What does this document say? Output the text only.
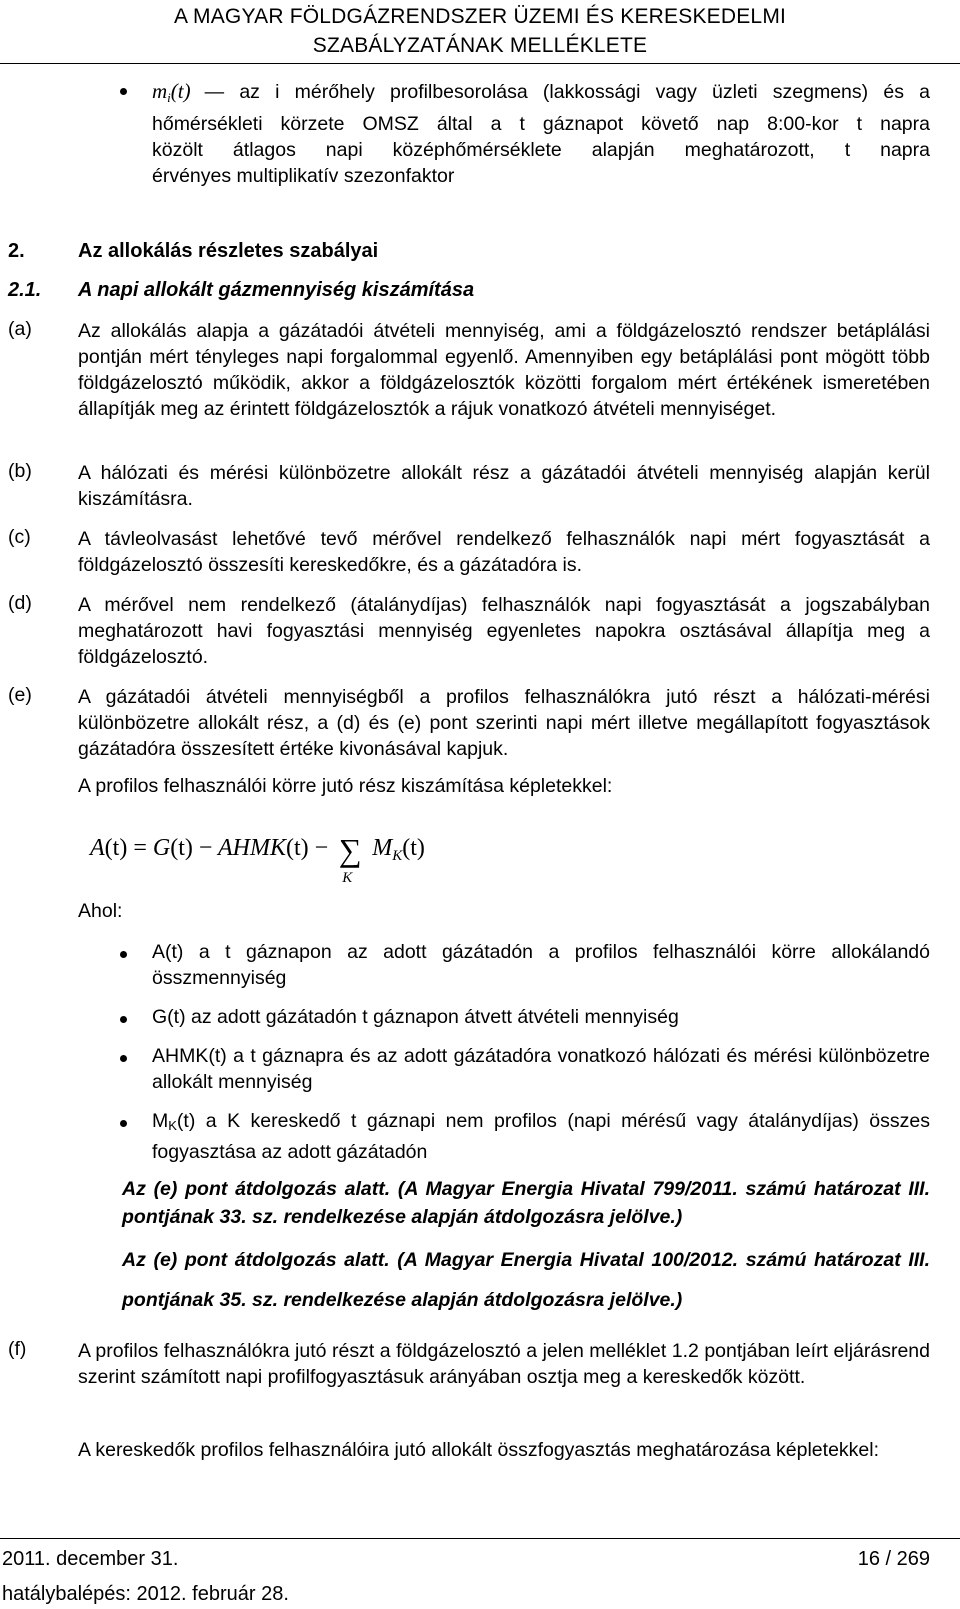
A MAGYAR FÖLDGÁZRENDSZER ÜZEMI ÉS KERESKEDELMI
SZABÁLYZATÁNAK MELLÉKLETE
$m_i(t)$ — az i mérőhely profilbesorolása (lakkossági vagy üzleti szegmens) és a
hőmérsékleti körzete OMSZ által a t gáznapot követő nap 8:00-kor t napra
közölt átlagos napi középhőmérséklete alapján meghatározott, t napra
érvényes multiplikatív szezonfaktor
2.	Az allokálás részletes szabályai
2.1. A napi allokált gázmennyiség kiszámítása
(a) Az allokálás alapja a gázátadói átvételi mennyiség, ami a földgázelosztó rendszer betáplálási pontján mért tényleges napi forgalommal egyenlő. Amennyiben egy betáplálási pont mögött több földgázelosztó működik, akkor a földgázelosztók közötti forgalom mért értékének ismeretében állapítják meg az érintett földgázelosztók a rájuk vonatkozó átvételi mennyiséget.
(b) A hálózati és mérési különbözetre allokált rész a gázátadói átvételi mennyiség alapján kerül kiszámításra.
(c) A távleolvasást lehetővé tevő mérővel rendelkező felhasználók napi mért fogyasztását a földgázelosztó összesíti kereskedőkre, és a gázátadóra is.
(d) A mérővel nem rendelkező (átalánydíjas) felhasználók napi fogyasztását a jogszabályban meghatározott havi fogyasztási mennyiség egyenletes napokra osztásával állapítja meg a földgázelosztó.
(e) A gázátadói átvételi mennyiségből a profilos felhasználókra jutó részt a hálózati-mérési különbözetre allokált rész, a (d) és (e) pont szerinti napi mért illetve megállapított fogyasztások gázátadóra összesített értéke kivonásával kapjuk.
A profilos felhasználói körre jutó rész kiszámítása képletekkel:
A(t) = G(t) − AHMK(t) − ∑
K
$M_K(t)$
Ahol:
A(t) a t gáznapon az adott gázátadón a profilos felhasználói körre allokálandó összmennyiség
G(t) az adott gázátadón t gáznapon átvett átvételi mennyiség
AHMK(t) a t gáznapra és az adott gázátadóra vonatkozó hálózati és mérési különbözetre allokált mennyiség
MK(t) a K kereskedő t gáznapi nem profilos (napi mérésű vagy átalánydíjas) összes fogyasztása az adott gázátadón
Az (e) pont átdolgozás alatt. (A Magyar Energia Hivatal 799/2011. számú határozat III. pontjának 33. sz. rendelkezése alapján átdolgozásra jelölve.)
Az (e) pont átdolgozás alatt. (A Magyar Energia Hivatal 100/2012. számú határozat III. pontjának 35. sz. rendelkezése alapján átdolgozásra jelölve.)
(f)	A profilos felhasználókra jutó részt a földgázelosztó a jelen melléklet 1.2 pontjában leírt eljárásrend szerint számított napi profilfogyasztásuk arányában osztja meg a kereskedők között.
A kereskedők profilos felhasználóira jutó allokált összfogyasztás meghatározása képletekkel:
2011. december 31.	16 / 269
hatálybalépés: 2012. február 28.
